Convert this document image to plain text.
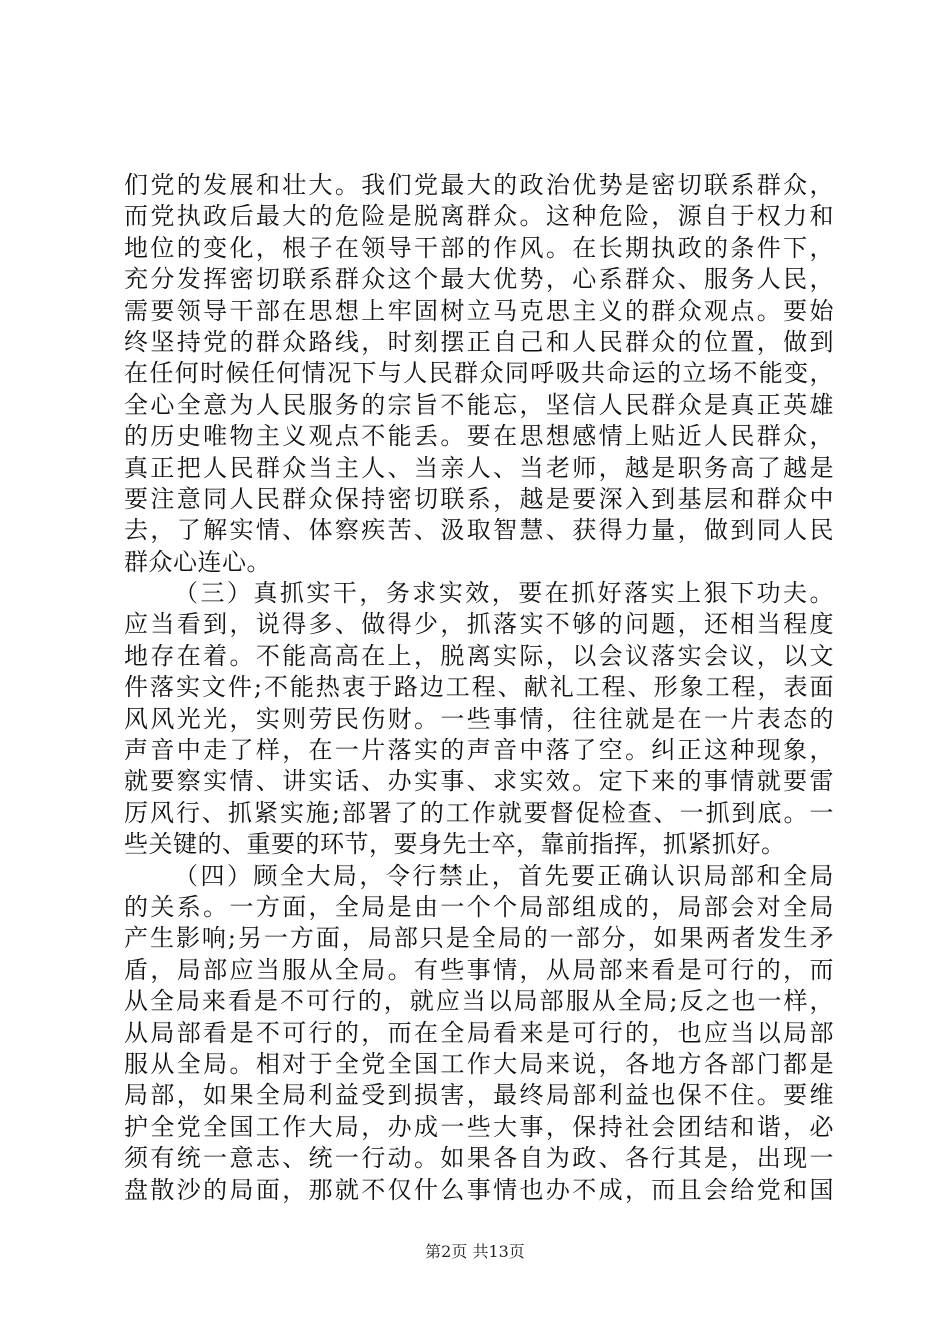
们党的发展和壮大。我们党最大的政治优势是密切联系群众，
而党执政后最大的危险是脱离群众。这种危险，源自于权力和
地位的变化，根子在领导干部的作风。在长期执政的条件下，
充分发挥密切联系群众这个最大优势，心系群众、服务人民，
需要领导干部在思想上牢固树立马克思主义的群众观点。要始
终坚持党的群众路线，时刻摆正自己和人民群众的位置，做到
在任何时候任何情况下与人民群众同呼吸共命运的立场不能变，
全心全意为人民服务的宗旨不能忘，坚信人民群众是真正英雄
的历史唯物主义观点不能丢。要在思想感情上贴近人民群众，
真正把人民群众当主人、当亲人、当老师，越是职务高了越是
要注意同人民群众保持密切联系，越是要深入到基层和群众中
去，了解实情、体察疾苦、汲取智慧、获得力量，做到同人民
群众心连心。
（三）真抓实干，务求实效，要在抓好落实上狠下功夫。
应当看到，说得多、做得少，抓落实不够的问题，还相当程度
地存在着。不能高高在上，脱离实际，以会议落实会议，以文
件落实文件;不能热衷于路边工程、献礼工程、形象工程，表面
风风光光，实则劳民伤财。一些事情，往往就是在一片表态的
声音中走了样，在一片落实的声音中落了空。纠正这种现象，
就要察实情、讲实话、办实事、求实效。定下来的事情就要雷
厉风行、抓紧实施;部署了的工作就要督促检查、一抓到底。一
些关键的、重要的环节，要身先士卒，靠前指挥，抓紧抓好。
（四）顾全大局，令行禁止，首先要正确认识局部和全局
的关系。一方面，全局是由一个个局部组成的，局部会对全局
产生影响;另一方面，局部只是全局的一部分，如果两者发生矛
盾，局部应当服从全局。有些事情，从局部来看是可行的，而
从全局来看是不可行的，就应当以局部服从全局;反之也一样，
从局部看是不可行的，而在全局看来是可行的，也应当以局部
服从全局。相对于全党全国工作大局来说，各地方各部门都是
局部，如果全局利益受到损害，最终局部利益也保不住。要维
护全党全国工作大局，办成一些大事，保持社会团结和谐，必
须有统一意志、统一行动。如果各自为政、各行其是，出现一
盘散沙的局面，那就不仅什么事情也办不成，而且会给党和国
第2页 共13页
